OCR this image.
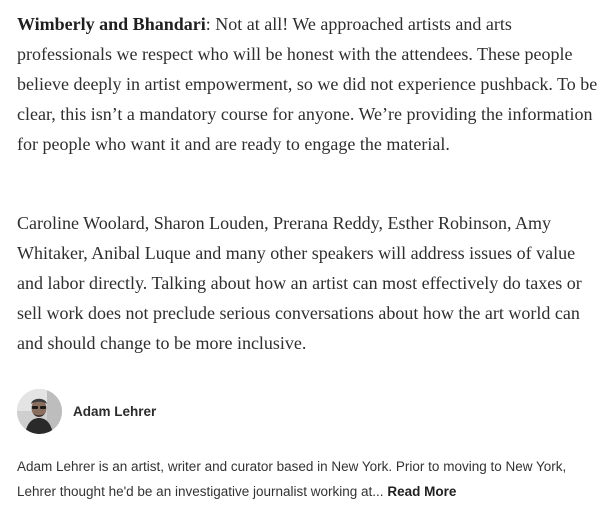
Wimberly and Bhandari: Not at all! We approached artists and arts professionals we respect who will be honest with the attendees. These people believe deeply in artist empowerment, so we did not experience pushback. To be clear, this isn’t a mandatory course for anyone. We’re providing the information for people who want it and are ready to engage the material.

Caroline Woolard, Sharon Louden, Prerana Reddy, Esther Robinson, Amy Whitaker, Anibal Luque and many other speakers will address issues of value and labor directly. Talking about how an artist can most effectively do taxes or sell work does not preclude serious conversations about how the art world can and should change to be more inclusive.

Adam Lehrer

Adam Lehrer is an artist, writer and curator based in New York. Prior to moving to New York, Lehrer thought he'd be an investigative journalist working at... Read More
